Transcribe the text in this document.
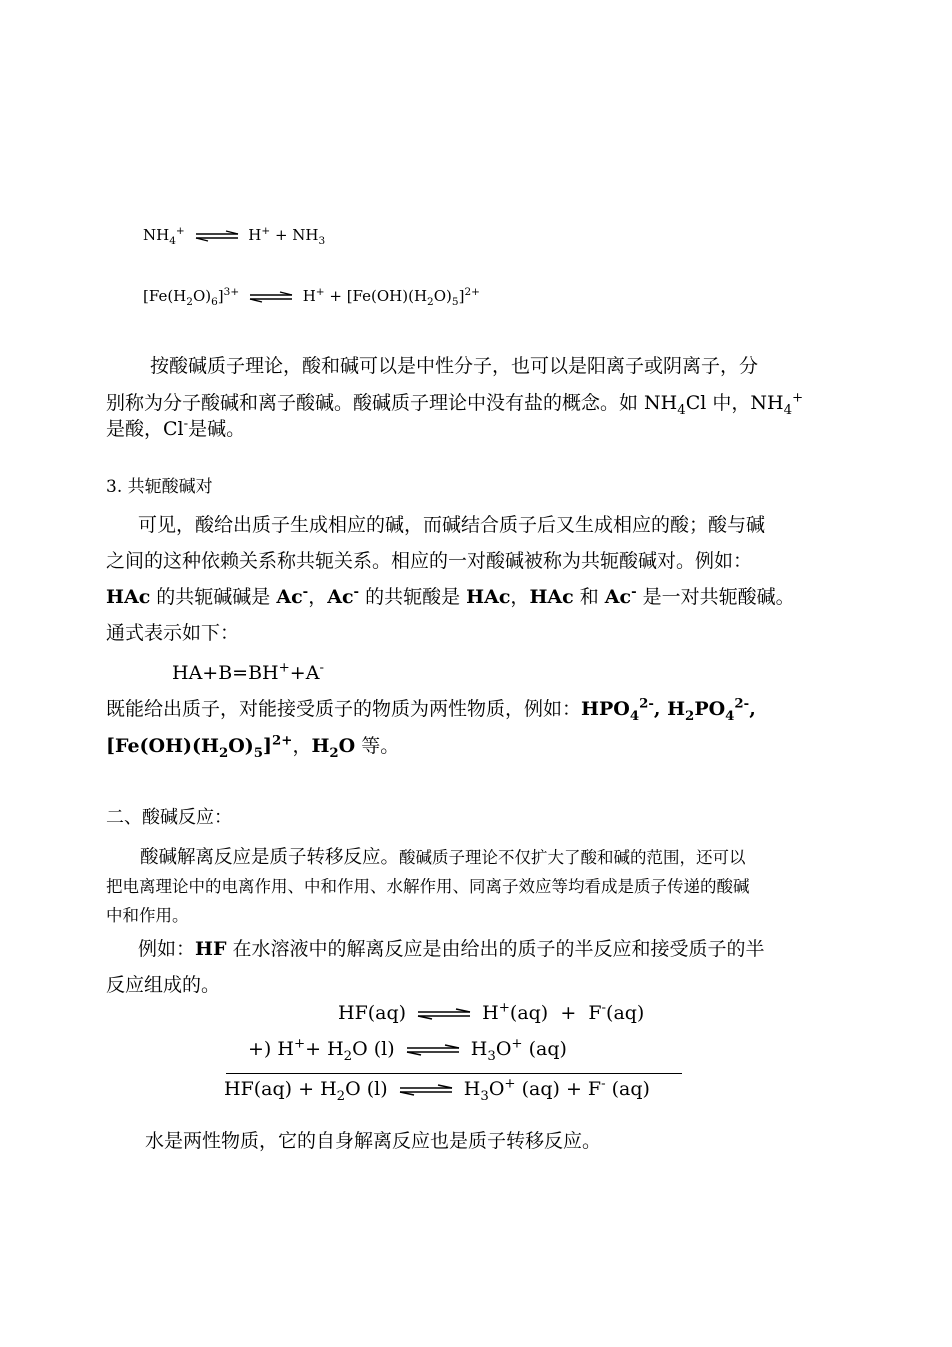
$NH_4^+$ ⇌ $H^+ + NH_3$
$[Fe(H_2O)_6]^{3+}$ ⇌ $H^+ + [Fe(OH)(H_2O)_5]^{2+}$
按酸碱质子理论，酸和碱可以是中性分子，也可以是阳离子或阴离子，分
别称为分子酸碱和离子酸碱。酸碱质子理论中没有盐的概念。如 $NH_4Cl$ 中，$NH_4^+$
是酸，Cl-是碱。
3. 共轭酸碱对
可见，酸给出质子生成相应的碱，而碱结合质子后又生成相应的酸；酸与碱
之间的这种依赖关系称共轭关系。相应的一对酸碱被称为共轭酸碱对。例如：
HAc 的共轭碱碱是 Ac-，Ac- 的共轭酸是 HAc，HAc 和 Ac- 是一对共轭酸碱。
通式表示如下：
HA+B=BH++A-
既能给出质子，对能接受质子的物质为两性物质，例如：$HPO_4^{2-}$, $H_2PO_4^{2-}$,
$[Fe(OH)(H_2O)_5]^{2+}$，$H_2O$ 等。
二、酸碱反应：
酸碱解离反应是质子转移反应。酸碱质子理论不仅扩大了酸和碱的范围，还可以
把电离理论中的电离作用、中和作用、水解作用、同离子效应等均看成是质子传递的酸碱
中和作用。
例如：HF 在水溶液中的解离反应是由给出的质子的半反应和接受质子的半
反应组成的。
HF(aq) ⇌ H+(aq) + F-(aq)
+) $H^++ H_2O$ (l) ⇌ $H_3O^+$ (aq)
$HF(aq) + H_2O$ (l) ⇌ $H_3O^+$ (aq) + F- (aq)
水是两性物质，它的自身解离反应也是质子转移反应。
